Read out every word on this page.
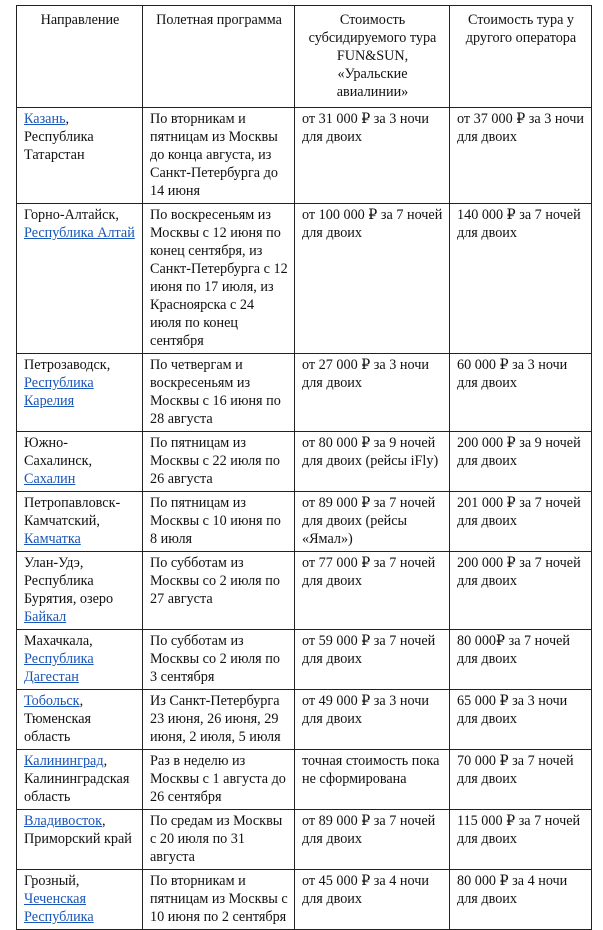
Направление	Полетная программа	Стоимость субсидируемого тура FUN&SUN, «Уральские авиалинии»	Стоимость тура у другого оператора
Казань, Республика Татарстан	По вторникам и пятницам из Москвы до конца августа, из Санкт-Петербурга до 14 июня	от 31 000 ₽ за 3 ночи для двоих	от 37 000 ₽ за 3 ночи для двоих
Горно-Алтайск, Республика Алтай	По воскресеньям из Москвы с 12 июня по конец сентября, из Санкт-Петербурга с 12 июня по 17 июля, из Красноярска с 24 июля по конец сентября	от 100 000 ₽ за 7 ночей для двоих	140 000 ₽ за 7 ночей для двоих
Петрозаводск, Республика Карелия	По четвергам и воскресеньям из Москвы с 16 июня по 28 августа	от 27 000 ₽ за 3 ночи для двоих	60 000 ₽ за 3 ночи для двоих
Южно-Сахалинск, Сахалин	По пятницам из Москвы с 22 июля по 26 августа	от 80 000 ₽ за 9 ночей для двоих (рейсы iFly)	200 000 ₽ за 9 ночей для двоих
Петропавловск-Камчатский, Камчатка	По пятницам из Москвы с 10 июня по 8 июля	от 89 000 ₽ за 7 ночей для двоих (рейсы «Ямал»)	201 000 ₽ за 7 ночей для двоих
Улан-Удэ, Республика Бурятия, озеро Байкал	По субботам из Москвы со 2 июля по 27 августа	от 77 000 ₽ за 7 ночей для двоих	200 000 ₽ за 7 ночей для двоих
Махачкала, Республика Дагестан	По субботам из Москвы со 2 июля по 3 сентября	от 59 000 ₽ за 7 ночей для двоих	80 000₽ за 7 ночей для двоих
Тобольск, Тюменская область	Из Санкт-Петербурга 23 июня, 26 июня, 29 июня, 2 июля, 5 июля	от 49 000 ₽ за 3 ночи для двоих	65 000 ₽ за 3 ночи для двоих
Калининград, Калининградская область	Раз в неделю из Москвы с 1 августа до 26 сентября	точная стоимость пока не сформирована	70 000 ₽ за 7 ночей для двоих
Владивосток, Приморский край	По средам из Москвы с 20 июля по 31 августа	от 89 000 ₽ за 7 ночей для двоих	115 000 ₽ за 7 ночей для двоих
Грозный, Чеченская Республика	По вторникам и пятницам из Москвы с 10 июня по 2 сентября	от 45 000 ₽ за 4 ночи для двоих	80 000 ₽ за 4 ночи для двоих
